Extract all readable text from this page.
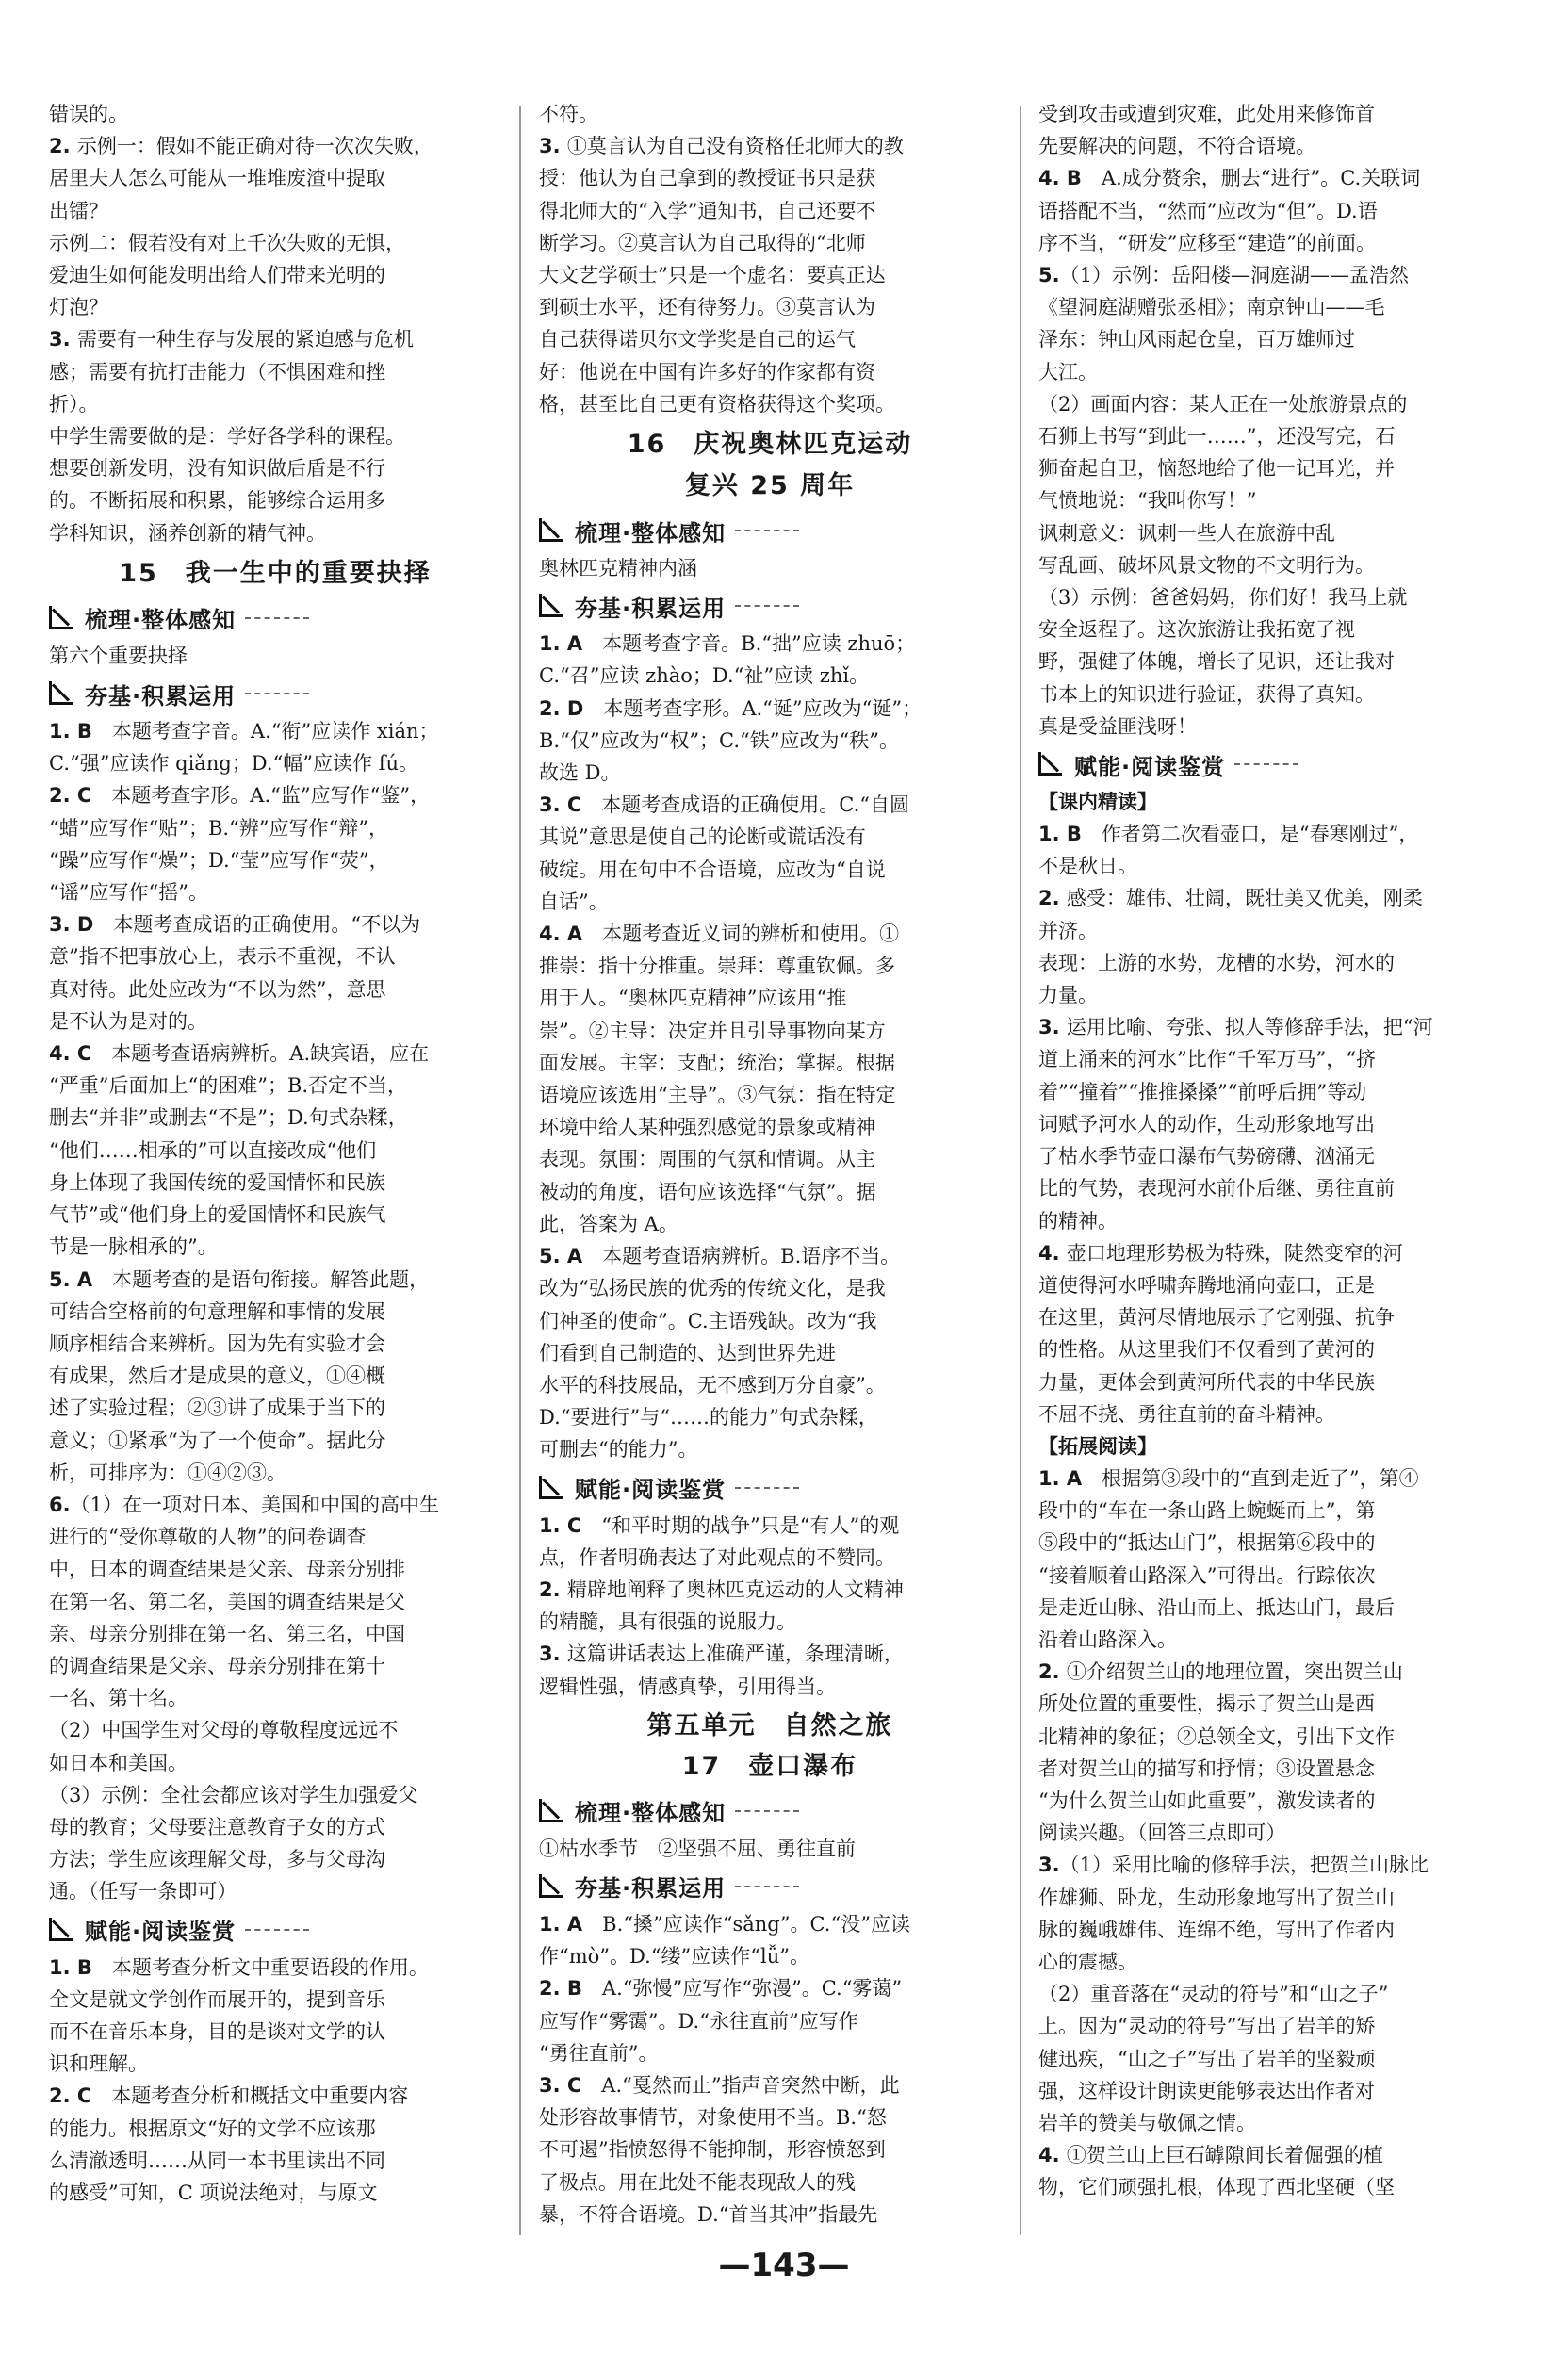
错误的。

2. 示例一：假如不能正确对待一次次失败，

居里夫人怎么可能从一堆堆废渣中提取

出镭？

示例二：假若没有对上千次失败的无惧，

爱迪生如何能发明出给人们带来光明的

灯泡？

3. 需要有一种生存与发展的紧迫感与危机

感；需要有抗打击能力（不惧困难和挫

折）。

中学生需要做的是：学好各学科的课程。

想要创新发明，没有知识做后盾是不行

的。不断拓展和积累，能够综合运用多

学科知识，涵养创新的精气神。

15　我一生中的重要抉择
梳理·整体感知

第六个重要抉择

夯基·积累运用

1. B　本题考查字音。A.“衔”应读作 xián；

C.“强”应读作 qiǎng；D.“幅”应读作 fú。

2. C　本题考查字形。A.“监”应写作“鉴”，

“蜡”应写作“贴”；B.“辨”应写作“辩”，

“躁”应写作“燥”；D.“莹”应写作“荧”，

“谣”应写作“摇”。

3. D　本题考查成语的正确使用。“不以为

意”指不把事放心上，表示不重视，不认

真对待。此处应改为“不以为然”，意思

是不认为是对的。

4. C　本题考查语病辨析。A.缺宾语，应在

“严重”后面加上“的困难”；B.否定不当，

删去“并非”或删去“不是”；D.句式杂糅，

“他们……相承的”可以直接改成“他们

身上体现了我国传统的爱国情怀和民族

气节”或“他们身上的爱国情怀和民族气

节是一脉相承的”。

5. A　本题考查的是语句衔接。解答此题，

可结合空格前的句意理解和事情的发展

顺序相结合来辨析。因为先有实验才会

有成果，然后才是成果的意义，①④概

述了实验过程；②③讲了成果于当下的

意义；①紧承“为了一个使命”。据此分

析，可排序为：①④②③。

6.（1）在一项对日本、美国和中国的高中生

进行的“受你尊敬的人物”的问卷调查

中，日本的调查结果是父亲、母亲分别排

在第一名、第二名，美国的调查结果是父

亲、母亲分别排在第一名、第三名，中国

的调查结果是父亲、母亲分别排在第十

一名、第十名。

（2）中国学生对父母的尊敬程度远远不

如日本和美国。

（3）示例：全社会都应该对学生加强爱父

母的教育；父母要注意教育子女的方式

方法；学生应该理解父母，多与父母沟

通。（任写一条即可）

赋能·阅读鉴赏

1. B　本题考查分析文中重要语段的作用。

全文是就文学创作而展开的，提到音乐

而不在音乐本身，目的是谈对文学的认

识和理解。

2. C　本题考查分析和概括文中重要内容

的能力。根据原文“好的文学不应该那

么清澈透明……从同一本书里读出不同

的感受”可知，C 项说法绝对，与原文

不符。

3. ①莫言认为自己没有资格任北师大的教

授：他认为自己拿到的教授证书只是获

得北师大的“入学”通知书，自己还要不

断学习。②莫言认为自己取得的“北师

大文艺学硕士”只是一个虚名：要真正达

到硕士水平，还有待努力。③莫言认为

自己获得诺贝尔文学奖是自己的运气

好：他说在中国有许多好的作家都有资

格，甚至比自己更有资格获得这个奖项。

16　庆祝奥林匹克运动
复兴 25 周年
梳理·整体感知

奥林匹克精神内涵

夯基·积累运用

1. A　本题考查字音。B.“拙”应读 zhuō；

C.“召”应读 zhào；D.“祉”应读 zhǐ。

2. D　本题考查字形。A.“诞”应改为“诞”；

B.“仅”应改为“权”；C.“铁”应改为“秩”。

故选 D。

3. C　本题考查成语的正确使用。C.“自圆

其说”意思是使自己的论断或谎话没有

破绽。用在句中不合语境，应改为“自说

自话”。

4. A　本题考查近义词的辨析和使用。①

推崇：指十分推重。崇拜：尊重钦佩。多

用于人。“奥林匹克精神”应该用“推

崇”。②主导：决定并且引导事物向某方

面发展。主宰：支配；统治；掌握。根据

语境应该选用“主导”。③气氛：指在特定

环境中给人某种强烈感觉的景象或精神

表现。氛围：周围的气氛和情调。从主

被动的角度，语句应该选择“气氛”。据

此，答案为 A。

5. A　本题考查语病辨析。B.语序不当。

改为“弘扬民族的优秀的传统文化，是我

们神圣的使命”。C.主语残缺。改为“我

们看到自己制造的、达到世界先进

水平的科技展品，无不感到万分自豪”。

D.“要进行”与“……的能力”句式杂糅，

可删去“的能力”。

赋能·阅读鉴赏

1. C　“和平时期的战争”只是“有人”的观

点，作者明确表达了对此观点的不赞同。

2. 精辟地阐释了奥林匹克运动的人文精神

的精髓，具有很强的说服力。

3. 这篇讲话表达上准确严谨，条理清晰，

逻辑性强，情感真挚，引用得当。

第五单元　自然之旅
17　壶口瀑布
梳理·整体感知

①枯水季节　②坚强不屈、勇往直前

夯基·积累运用

1. A　B.“搡”应读作“sǎng”。C.“没”应读

作“mò”。D.“缕”应读作“lǚ”。

2. B　A.“弥慢”应写作“弥漫”。C.“雾蔼”

应写作“雾霭”。D.“永往直前”应写作

“勇往直前”。

3. C　A.“戛然而止”指声音突然中断，此

处形容故事情节，对象使用不当。B.“怒

不可遏”指愤怒得不能抑制，形容愤怒到

了极点。用在此处不能表现敌人的残

暴，不符合语境。D.“首当其冲”指最先

受到攻击或遭到灾难，此处用来修饰首

先要解决的问题，不符合语境。

4. B　A.成分赘余，删去“进行”。C.关联词

语搭配不当，“然而”应改为“但”。D.语

序不当，“研发”应移至“建造”的前面。

5.（1）示例：岳阳楼—洞庭湖——孟浩然

《望洞庭湖赠张丞相》；南京钟山——毛

泽东：钟山风雨起仓皇，百万雄师过

大江。

（2）画面内容：某人正在一处旅游景点的

石狮上书写“到此一……”，还没写完，石

狮奋起自卫，恼怒地给了他一记耳光，并

气愤地说：“我叫你写！”

讽刺意义：讽刺一些人在旅游中乱

写乱画、破坏风景文物的不文明行为。

（3）示例：爸爸妈妈，你们好！我马上就

安全返程了。这次旅游让我拓宽了视

野，强健了体魄，增长了见识，还让我对

书本上的知识进行验证，获得了真知。

真是受益匪浅呀！

赋能·阅读鉴赏

【课内精读】

1. B　作者第二次看壶口，是“春寒刚过”，

不是秋日。

2. 感受：雄伟、壮阔，既壮美又优美，刚柔

并济。

表现：上游的水势，龙槽的水势，河水的

力量。

3. 运用比喻、夸张、拟人等修辞手法，把“河

道上涌来的河水”比作“千军万马”，“挤

着”“撞着”“推推搡搡”“前呼后拥”等动

词赋予河水人的动作，生动形象地写出

了枯水季节壶口瀑布气势磅礴、汹涌无

比的气势，表现河水前仆后继、勇往直前

的精神。

4. 壶口地理形势极为特殊，陡然变窄的河

道使得河水呼啸奔腾地涌向壶口，正是

在这里，黄河尽情地展示了它刚强、抗争

的性格。从这里我们不仅看到了黄河的

力量，更体会到黄河所代表的中华民族

不屈不挠、勇往直前的奋斗精神。

【拓展阅读】

1. A　根据第③段中的“直到走近了”，第④

段中的“车在一条山路上蜿蜒而上”，第

⑤段中的“抵达山门”，根据第⑥段中的

“接着顺着山路深入”可得出。行踪依次

是走近山脉、沿山而上、抵达山门，最后

沿着山路深入。

2. ①介绍贺兰山的地理位置，突出贺兰山

所处位置的重要性，揭示了贺兰山是西

北精神的象征；②总领全文，引出下文作

者对贺兰山的描写和抒情；③设置悬念

“为什么贺兰山如此重要”，激发读者的

阅读兴趣。（回答三点即可）

3.（1）采用比喻的修辞手法，把贺兰山脉比

作雄狮、卧龙，生动形象地写出了贺兰山

脉的巍峨雄伟、连绵不绝，写出了作者内

心的震撼。

（2）重音落在“灵动的符号”和“山之子”

上。因为“灵动的符号”写出了岩羊的矫

健迅疾，“山之子”写出了岩羊的坚毅顽

强，这样设计朗读更能够表达出作者对

岩羊的赞美与敬佩之情。

4. ①贺兰山上巨石罅隙间长着倔强的植

物，它们顽强扎根，体现了西北坚硬（坚

—143—
